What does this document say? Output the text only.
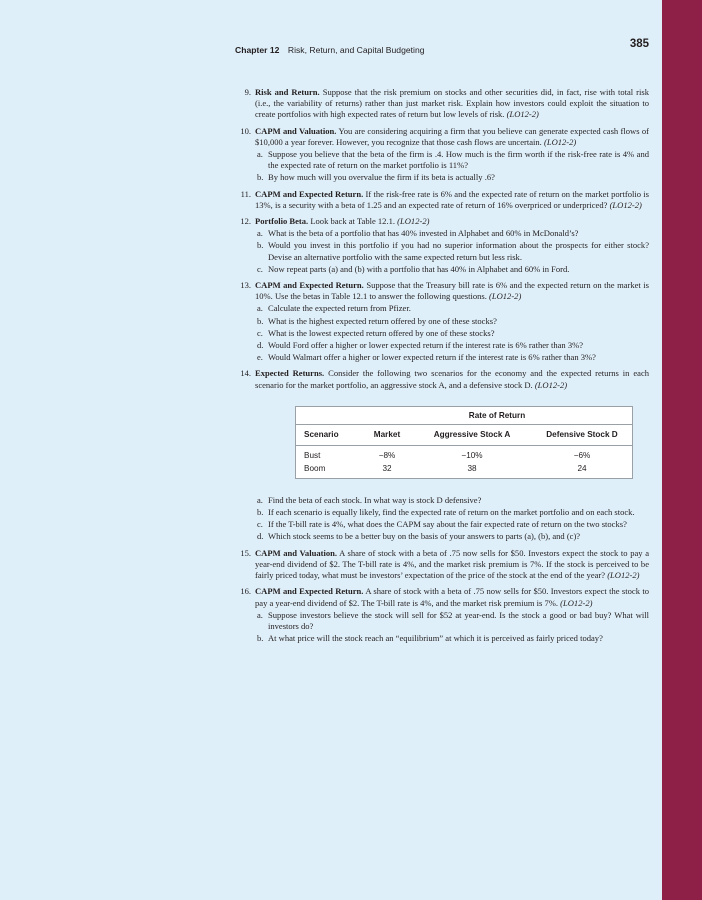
Chapter 12 Risk, Return, and Capital Budgeting	385
9. Risk and Return. Suppose that the risk premium on stocks and other securities did, in fact, rise with total risk (i.e., the variability of returns) rather than just market risk. Explain how investors could exploit the situation to create portfolios with high expected rates of return but low levels of risk. (LO12-2)
10. CAPM and Valuation. You are considering acquiring a firm that you believe can generate expected cash flows of $10,000 a year forever. However, you recognize that those cash flows are uncertain. (LO12-2)
a. Suppose you believe that the beta of the firm is .4. How much is the firm worth if the risk-free rate is 4% and the expected rate of return on the market portfolio is 11%?
b. By how much will you overvalue the firm if its beta is actually .6?
11. CAPM and Expected Return. If the risk-free rate is 6% and the expected rate of return on the market portfolio is 13%, is a security with a beta of 1.25 and an expected rate of return of 16% overpriced or underpriced? (LO12-2)
12. Portfolio Beta. Look back at Table 12.1. (LO12-2)
a. What is the beta of a portfolio that has 40% invested in Alphabet and 60% in McDonald’s?
b. Would you invest in this portfolio if you had no superior information about the prospects for either stock? Devise an alternative portfolio with the same expected return but less risk.
c. Now repeat parts (a) and (b) with a portfolio that has 40% in Alphabet and 60% in Ford.
13. CAPM and Expected Return. Suppose that the Treasury bill rate is 6% and the expected return on the market is 10%. Use the betas in Table 12.1 to answer the following questions. (LO12-2)
a. Calculate the expected return from Pfizer.
b. What is the highest expected return offered by one of these stocks?
c. What is the lowest expected return offered by one of these stocks?
d. Would Ford offer a higher or lower expected return if the interest rate is 6% rather than 3%?
e. Would Walmart offer a higher or lower expected return if the interest rate is 6% rather than 3%?
14. Expected Returns. Consider the following two scenarios for the economy and the expected returns in each scenario for the market portfolio, an aggressive stock A, and a defensive stock D. (LO12-2)
	Rate of Return		
Scenario	Market	Aggressive Stock A	Defensive Stock D
Bust	−8%	−10%	−6%
Boom	32	38	24
a. Find the beta of each stock. In what way is stock D defensive?
b. If each scenario is equally likely, find the expected rate of return on the market portfolio and on each stock.
c. If the T-bill rate is 4%, what does the CAPM say about the fair expected rate of return on the two stocks?
d. Which stock seems to be a better buy on the basis of your answers to parts (a), (b), and (c)?
15. CAPM and Valuation. A share of stock with a beta of .75 now sells for $50. Investors expect the stock to pay a year-end dividend of $2. The T-bill rate is 4%, and the market risk premium is 7%. If the stock is perceived to be fairly priced today, what must be investors’ expectation of the price of the stock at the end of the year? (LO12-2)
16. CAPM and Expected Return. A share of stock with a beta of .75 now sells for $50. Investors expect the stock to pay a year-end dividend of $2. The T-bill rate is 4%, and the market risk premium is 7%. (LO12-2)
a. Suppose investors believe the stock will sell for $52 at year-end. Is the stock a good or bad buy? What will investors do?
b. At what price will the stock reach an “equilibrium” at which it is perceived as fairly priced today?
